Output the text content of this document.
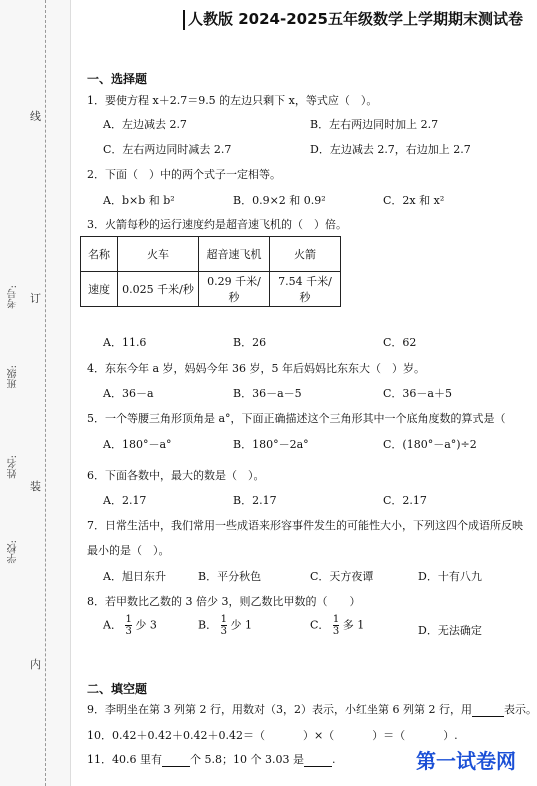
线
订
装
内
学校:
姓名:
班级:
考号:
人教版 2024-2025五年级数学上学期期末测试卷
一、选择题
1．要使方程 x＋2.7＝9.5 的左边只剩下 x，等式应（　）。
A．左边减去 2.7	B．左右两边同时加上 2.7
C．左右两边同时减去 2.7	D．左边减去 2.7，右边加上 2.7
2．下面（　）中的两个式子一定相等。
A．b×b 和 b²	B．0.9×2 和 0.9²	C．2x 和 x²
3．火箭每秒的运行速度约是超音速飞机的（　）倍。
名称	火车	超音速飞机	火箭
速度	0.025 千米/秒	0.29 千米/秒	7.54 千米/秒
A．11.6	B．26	C．62
4．东东今年 a 岁，妈妈今年 36 岁，5 年后妈妈比东东大（　）岁。
A．36－a	B．36－a－5	C．36－a＋5
5．一个等腰三角形顶角是 a°，下面正确描述这个三角形其中一个底角度数的算式是（
A．180°－a°	B．180°－2a°	C．(180°－a°)÷2
6．下面各数中，最大的数是（　）。
A．2.17	B．2.17	C．2.17
7．日常生活中，我们常用一些成语来形容事件发生的可能性大小，下列这四个成语所反映
最小的是（　）。
A．旭日东升	B．平分秋色	C．天方夜谭	D．十有八九
8．若甲数比乙数的 3 倍少 3，则乙数比甲数的（　　）
A． $\frac{1}{3}$ 少 3	B． $\frac{1}{3}$ 少 1	C． $\frac{1}{3}$ 多 1	D．无法确定
二、填空题
9．李明坐在第 3 列第 2 行，用数对（3，2）表示，小红坐第 6 列第 2 行，用	表示。
10．0.42＋0.42＋0.42＋0.42＝（	）×（	）＝（	）.
11．40.6 里有	个 5.8；10 个 3.03 是	.	第一试卷网
